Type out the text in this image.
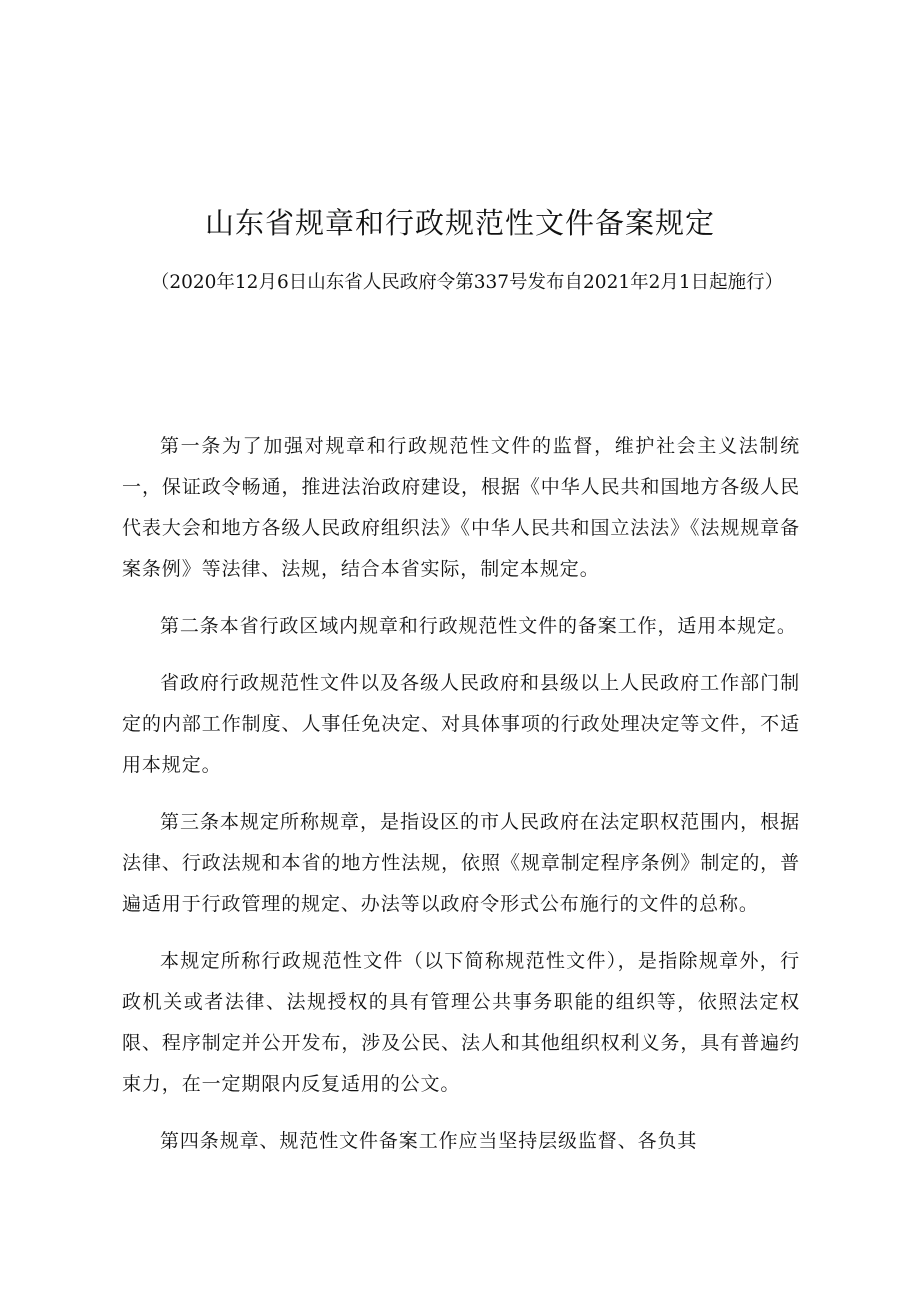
山东省规章和行政规范性文件备案规定
（2020年12月6日山东省人民政府令第337号发布自2021年2月1日起施行）

第一条为了加强对规章和行政规范性文件的监督，维护社会主义法制统一，保证政令畅通，推进法治政府建设，根据《中华人民共和国地方各级人民代表大会和地方各级人民政府组织法》《中华人民共和国立法法》《法规规章备案条例》等法律、法规，结合本省实际，制定本规定。

第二条本省行政区域内规章和行政规范性文件的备案工作，适用本规定。

省政府行政规范性文件以及各级人民政府和县级以上人民政府工作部门制定的内部工作制度、人事任免决定、对具体事项的行政处理决定等文件，不适用本规定。

第三条本规定所称规章，是指设区的市人民政府在法定职权范围内，根据法律、行政法规和本省的地方性法规，依照《规章制定程序条例》制定的，普遍适用于行政管理的规定、办法等以政府令形式公布施行的文件的总称。

本规定所称行政规范性文件（以下简称规范性文件），是指除规章外，行政机关或者法律、法规授权的具有管理公共事务职能的组织等，依照法定权限、程序制定并公开发布，涉及公民、法人和其他组织权利义务，具有普遍约束力，在一定期限内反复适用的公文。

第四条规章、规范性文件备案工作应当坚持层级监督、各负其
